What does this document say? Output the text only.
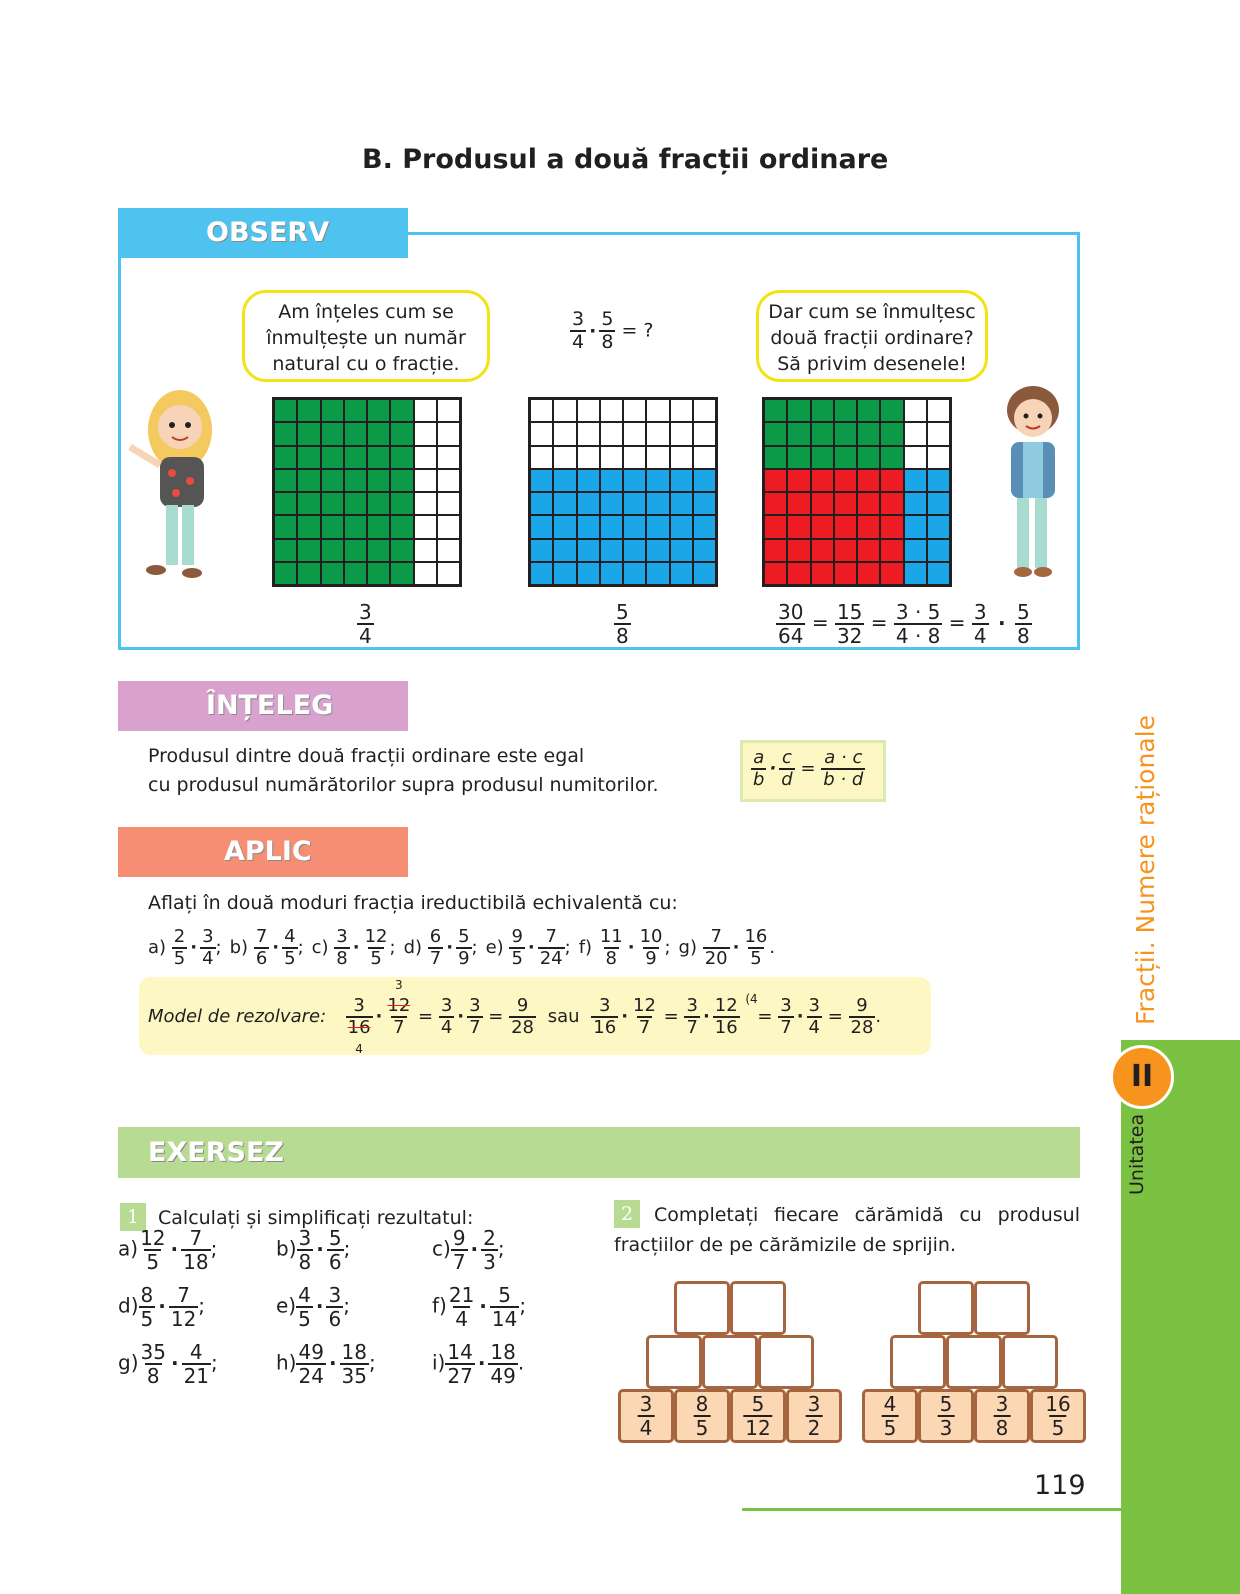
B. Produsul a două fracții ordinare
OBSERV
Am înțeles cum se
înmulțește un număr
natural cu o fracție.
Dar cum se înmulțesc
două fracții ordinare?
Să privim desenele!
$\frac{3}{4} \cdot \frac{5}{8}$ = ?
$\frac{3}{4}$	$\frac{5}{8}$	$\frac{30}{64} = \frac{15}{32} = \frac{3 \cdot 5}{4 \cdot 8} = \frac{3}{4} \cdot \frac{5}{8}$
ÎNȚELEG
Produsul dintre două fracții ordinare este egal
cu produsul numărătorilor supra produsul numitorilor.	$\frac{a}{b} \cdot \frac{c}{d} = \frac{a \cdot c}{b \cdot d}$
APLIC
Aflați în două moduri fracția ireductibilă echivalentă cu:
$a) \frac{2}{5} \cdot \frac{3}{4}$ ; $b) \frac{7}{6} \cdot \frac{4}{5}$ ; $c) \frac{3}{8} \cdot \frac{12}{5}$ ; $d) \frac{6}{7} \cdot \frac{5}{9}$ ; $e) \frac{9}{5} \cdot \frac{7}{24}$ ; $f) \frac{11}{8} \cdot \frac{10}{9}$ ; $g) \frac{7}{20} \cdot \frac{16}{5}$ .
Model de rezolvare:
3
16
4
·
3
12
7
= $\frac{3}{4} \cdot \frac{3}{7} = \frac{9}{28}$ sau $\frac{3}{16} \cdot \frac{12}{7} = \frac{3}{7}$ ·
12
16
(4
= $\frac{3}{7} \cdot \frac{3}{4} = \frac{9}{28}$ .
EXERSEZ
1 Calculați și simplificați rezultatul:
$a) \frac{12}{5} \cdot \frac{7}{18}$ ;	$b) \frac{3}{8} \cdot \frac{5}{6}$ ;	$c) \frac{9}{7} \cdot \frac{2}{3}$ ;
$d) \frac{8}{5} \cdot \frac{7}{12}$ ;	$e) \frac{4}{5} \cdot \frac{3}{6}$ ;	$f) \frac{21}{4} \cdot \frac{5}{14}$ ;
$g) \frac{35}{8} \cdot \frac{4}{21}$ ;	$h) \frac{49}{24} \cdot \frac{18}{35}$ ;	$i) \frac{14}{27} \cdot \frac{18}{49}$ .
2	Completați fiecare cărămidă cu produsul
fracțiilor de pe cărămizile de sprijin.
$\frac{3}{4} \frac{8}{5} \frac{5}{12} \frac{3}{2}$	$\frac{4}{5} \frac{5}{3} \frac{3}{8} \frac{16}{5}$
119
II
Unitatea
Fracții. Numere raționale
